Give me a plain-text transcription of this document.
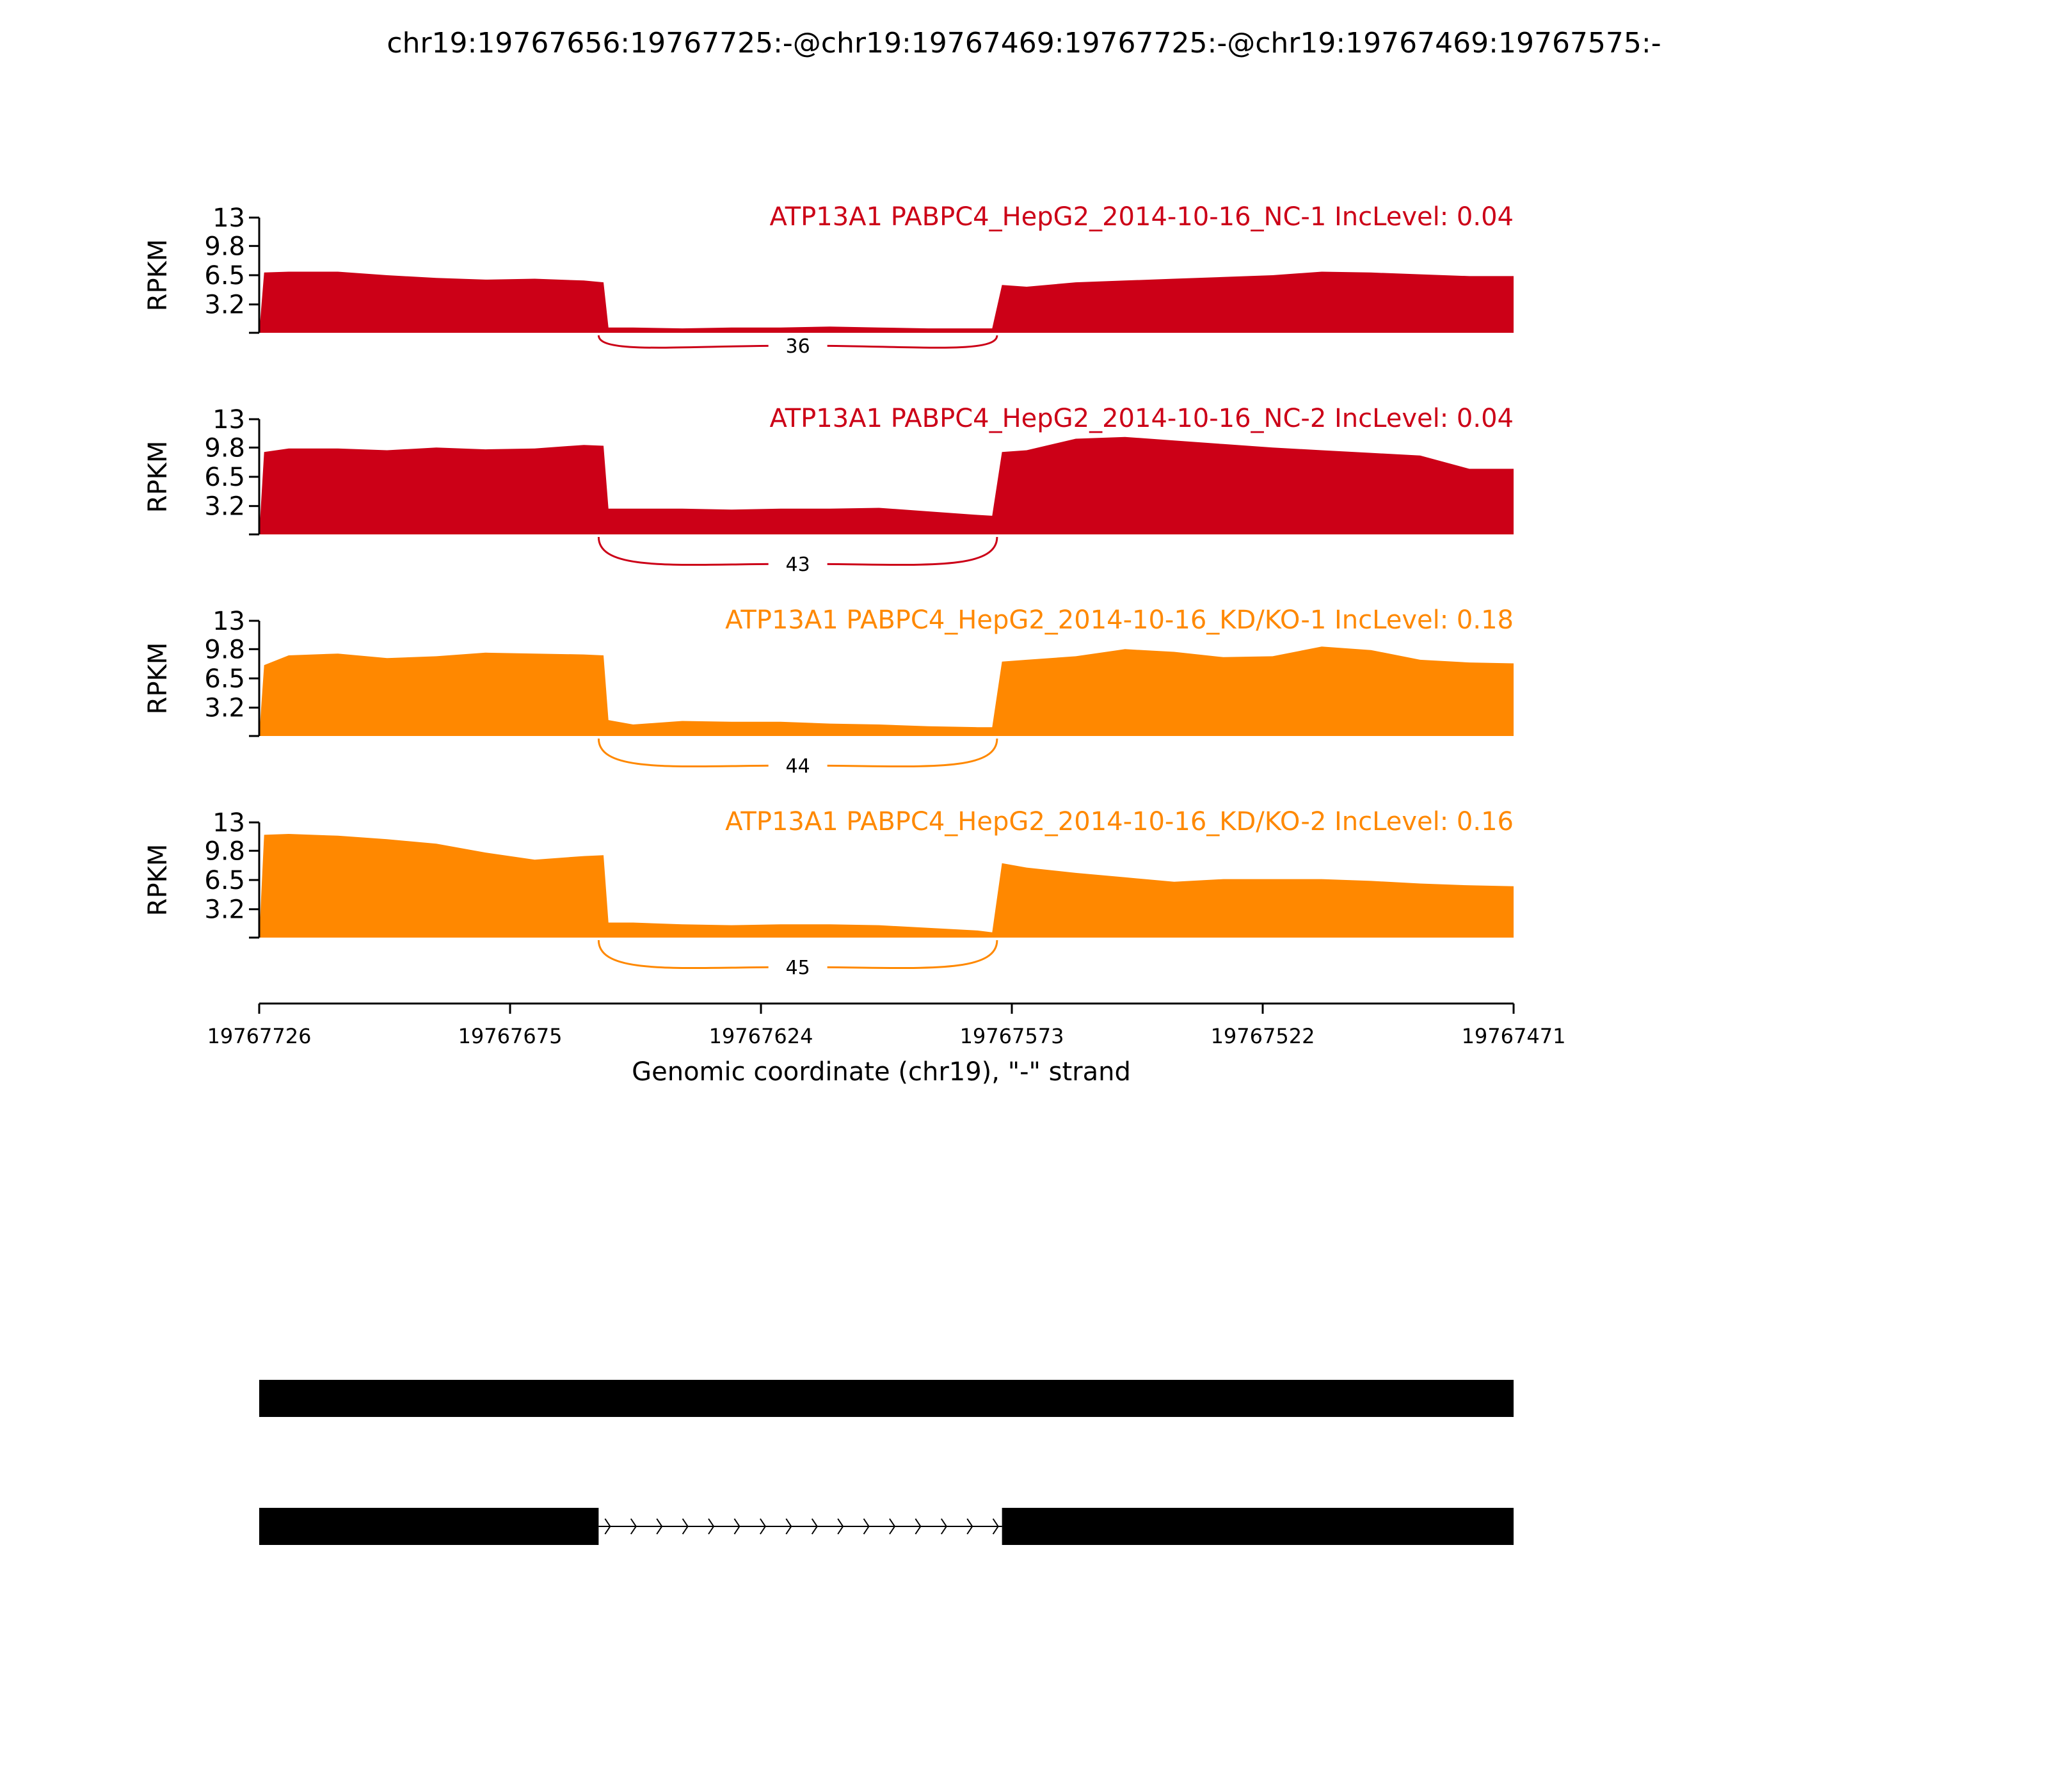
3.2
6.5
9.8
13
RPKM
ATP13A1 PABPC4_HepG2_2014-10-16_NC-1 IncLevel: 0.04
36
3.2
6.5
9.8
13
RPKM
ATP13A1 PABPC4_HepG2_2014-10-16_NC-2 IncLevel: 0.04
43
3.2
6.5
9.8
13
RPKM
ATP13A1 PABPC4_HepG2_2014-10-16_KD/KO-1 IncLevel: 0.18
44
3.2
6.5
9.8
13
RPKM
ATP13A1 PABPC4_HepG2_2014-10-16_KD/KO-2 IncLevel: 0.16
45
19767726	19767675	19767624	19767573	19767522	19767471
Genomic coordinate (chr19), "-" strand
chr19:19767656:19767725:-@chr19:19767469:19767725:-@chr19:19767469:19767575:-
